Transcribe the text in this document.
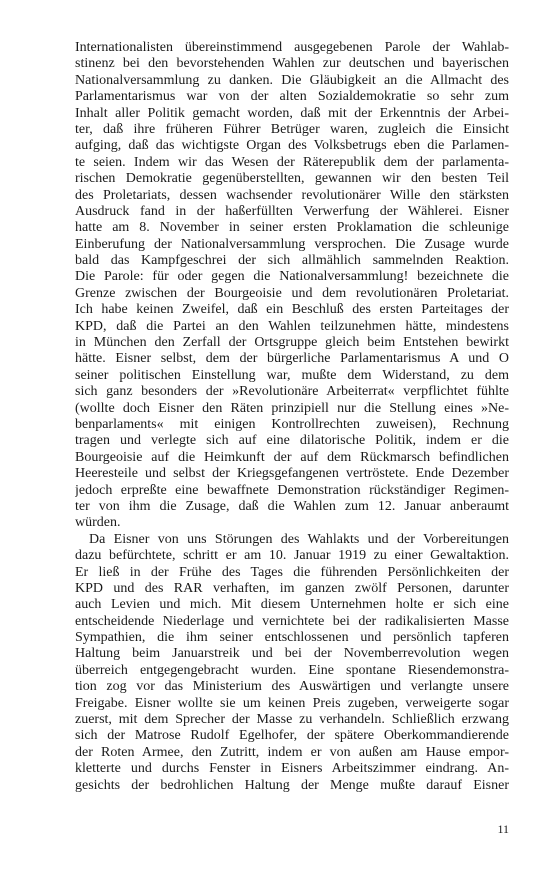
Internationalisten übereinstimmend ausgegebenen Parole der Wahlab-
stinenz bei den bevorstehenden Wahlen zur deutschen und bayerischen
Nationalversammlung zu danken. Die Gläubigkeit an die Allmacht des
Parlamentarismus war von der alten Sozialdemokratie so sehr zum
Inhalt aller Politik gemacht worden, daß mit der Erkenntnis der Arbei-
ter, daß ihre früheren Führer Betrüger waren, zugleich die Einsicht
aufging, daß das wichtigste Organ des Volksbetrugs eben die Parlamen-
te seien. Indem wir das Wesen der Räterepublik dem der parlamenta-
rischen Demokratie gegenüberstellten, gewannen wir den besten Teil
des Proletariats, dessen wachsender revolutionärer Wille den stärksten
Ausdruck fand in der haßerfüllten Verwerfung der Wählerei. Eisner
hatte am 8. November in seiner ersten Proklamation die schleunige
Einberufung der Nationalversammlung versprochen. Die Zusage wurde
bald das Kampfgeschrei der sich allmählich sammelnden Reaktion.
Die Parole: für oder gegen die Nationalversammlung! bezeichnete die
Grenze zwischen der Bourgeoisie und dem revolutionären Proletariat.
Ich habe keinen Zweifel, daß ein Beschluß des ersten Parteitages der
KPD, daß die Partei an den Wahlen teilzunehmen hätte, mindestens
in München den Zerfall der Ortsgruppe gleich beim Entstehen bewirkt
hätte. Eisner selbst, dem der bürgerliche Parlamentarismus A und O
seiner politischen Einstellung war, mußte dem Widerstand, zu dem
sich ganz besonders der »Revolutionäre Arbeiterrat« verpflichtet fühlte
(wollte doch Eisner den Räten prinzipiell nur die Stellung eines »Ne-
benparlaments« mit einigen Kontrollrechten zuweisen), Rechnung
tragen und verlegte sich auf eine dilatorische Politik, indem er die
Bourgeoisie auf die Heimkunft der auf dem Rückmarsch befindlichen
Heeresteile und selbst der Kriegsgefangenen vertröstete. Ende Dezember
jedoch erpreßte eine bewaffnete Demonstration rückständiger Regimen-
ter von ihm die Zusage, daß die Wahlen zum 12. Januar anberaumt
würden.
Da Eisner von uns Störungen des Wahlakts und der Vorbereitungen
dazu befürchtete, schritt er am 10. Januar 1919 zu einer Gewaltaktion.
Er ließ in der Frühe des Tages die führenden Persönlichkeiten der
KPD und des RAR verhaften, im ganzen zwölf Personen, darunter
auch Levien und mich. Mit diesem Unternehmen holte er sich eine
entscheidende Niederlage und vernichtete bei der radikalisierten Masse
Sympathien, die ihm seiner entschlossenen und persönlich tapferen
Haltung beim Januarstreik und bei der Novemberrevolution wegen
überreich entgegengebracht wurden. Eine spontane Riesendemonstra-
tion zog vor das Ministerium des Auswärtigen und verlangte unsere
Freigabe. Eisner wollte sie um keinen Preis zugeben, verweigerte sogar
zuerst, mit dem Sprecher der Masse zu verhandeln. Schließlich erzwang
sich der Matrose Rudolf Egelhofer, der spätere Oberkommandierende
der Roten Armee, den Zutritt, indem er von außen am Hause empor-
kletterte und durchs Fenster in Eisners Arbeitszimmer eindrang. An-
gesichts der bedrohlichen Haltung der Menge mußte darauf Eisner
11
